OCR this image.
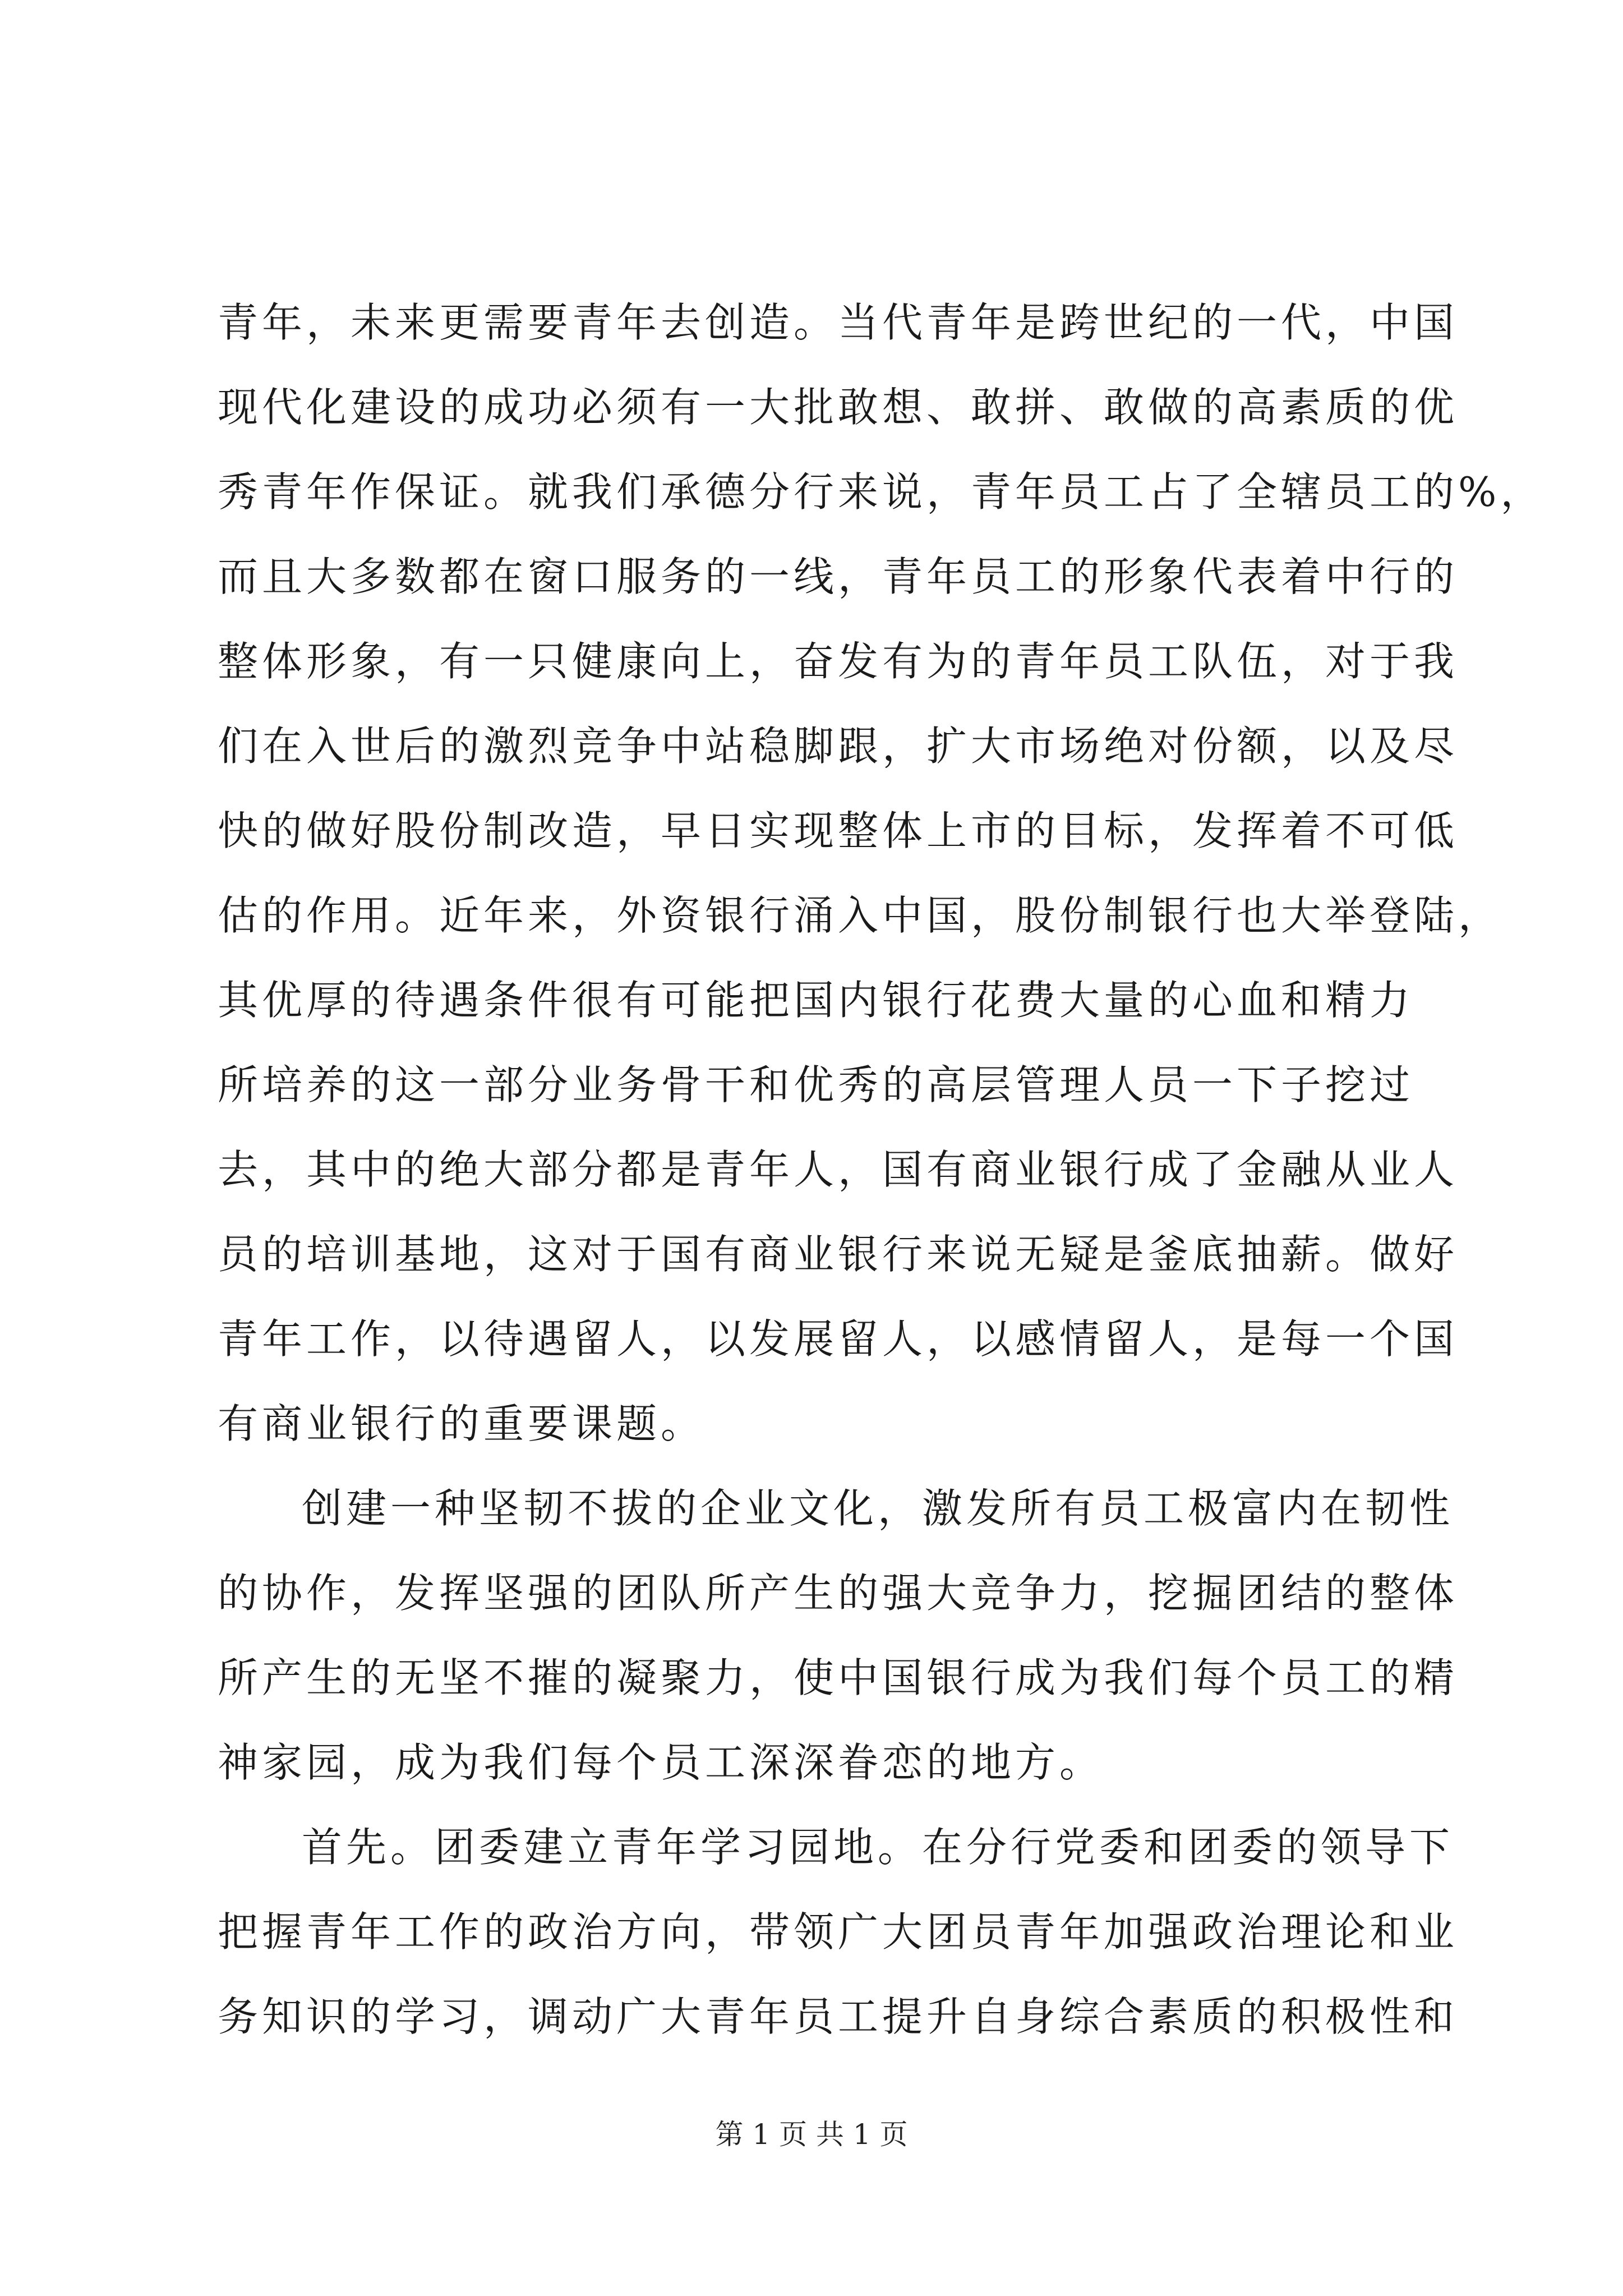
青年，未来更需要青年去创造。当代青年是跨世纪的一代，中国
现代化建设的成功必须有一大批敢想、敢拼、敢做的高素质的优
秀青年作保证。就我们承德分行来说，青年员工占了全辖员工的%，
而且大多数都在窗口服务的一线，青年员工的形象代表着中行的
整体形象，有一只健康向上，奋发有为的青年员工队伍，对于我
们在入世后的激烈竞争中站稳脚跟，扩大市场绝对份额，以及尽
快的做好股份制改造，早日实现整体上市的目标，发挥着不可低
估的作用。近年来，外资银行涌入中国，股份制银行也大举登陆，
其优厚的待遇条件很有可能把国内银行花费大量的心血和精力
所培养的这一部分业务骨干和优秀的高层管理人员一下子挖过
去，其中的绝大部分都是青年人，国有商业银行成了金融从业人
员的培训基地，这对于国有商业银行来说无疑是釜底抽薪。做好
青年工作，以待遇留人，以发展留人，以感情留人，是每一个国
有商业银行的重要课题。
创建一种坚韧不拔的企业文化，激发所有员工极富内在韧性
的协作，发挥坚强的团队所产生的强大竞争力，挖掘团结的整体
所产生的无坚不摧的凝聚力，使中国银行成为我们每个员工的精
神家园，成为我们每个员工深深眷恋的地方。
首先。团委建立青年学习园地。在分行党委和团委的领导下
把握青年工作的政治方向，带领广大团员青年加强政治理论和业
务知识的学习，调动广大青年员工提升自身综合素质的积极性和
第 1 页 共 1 页
